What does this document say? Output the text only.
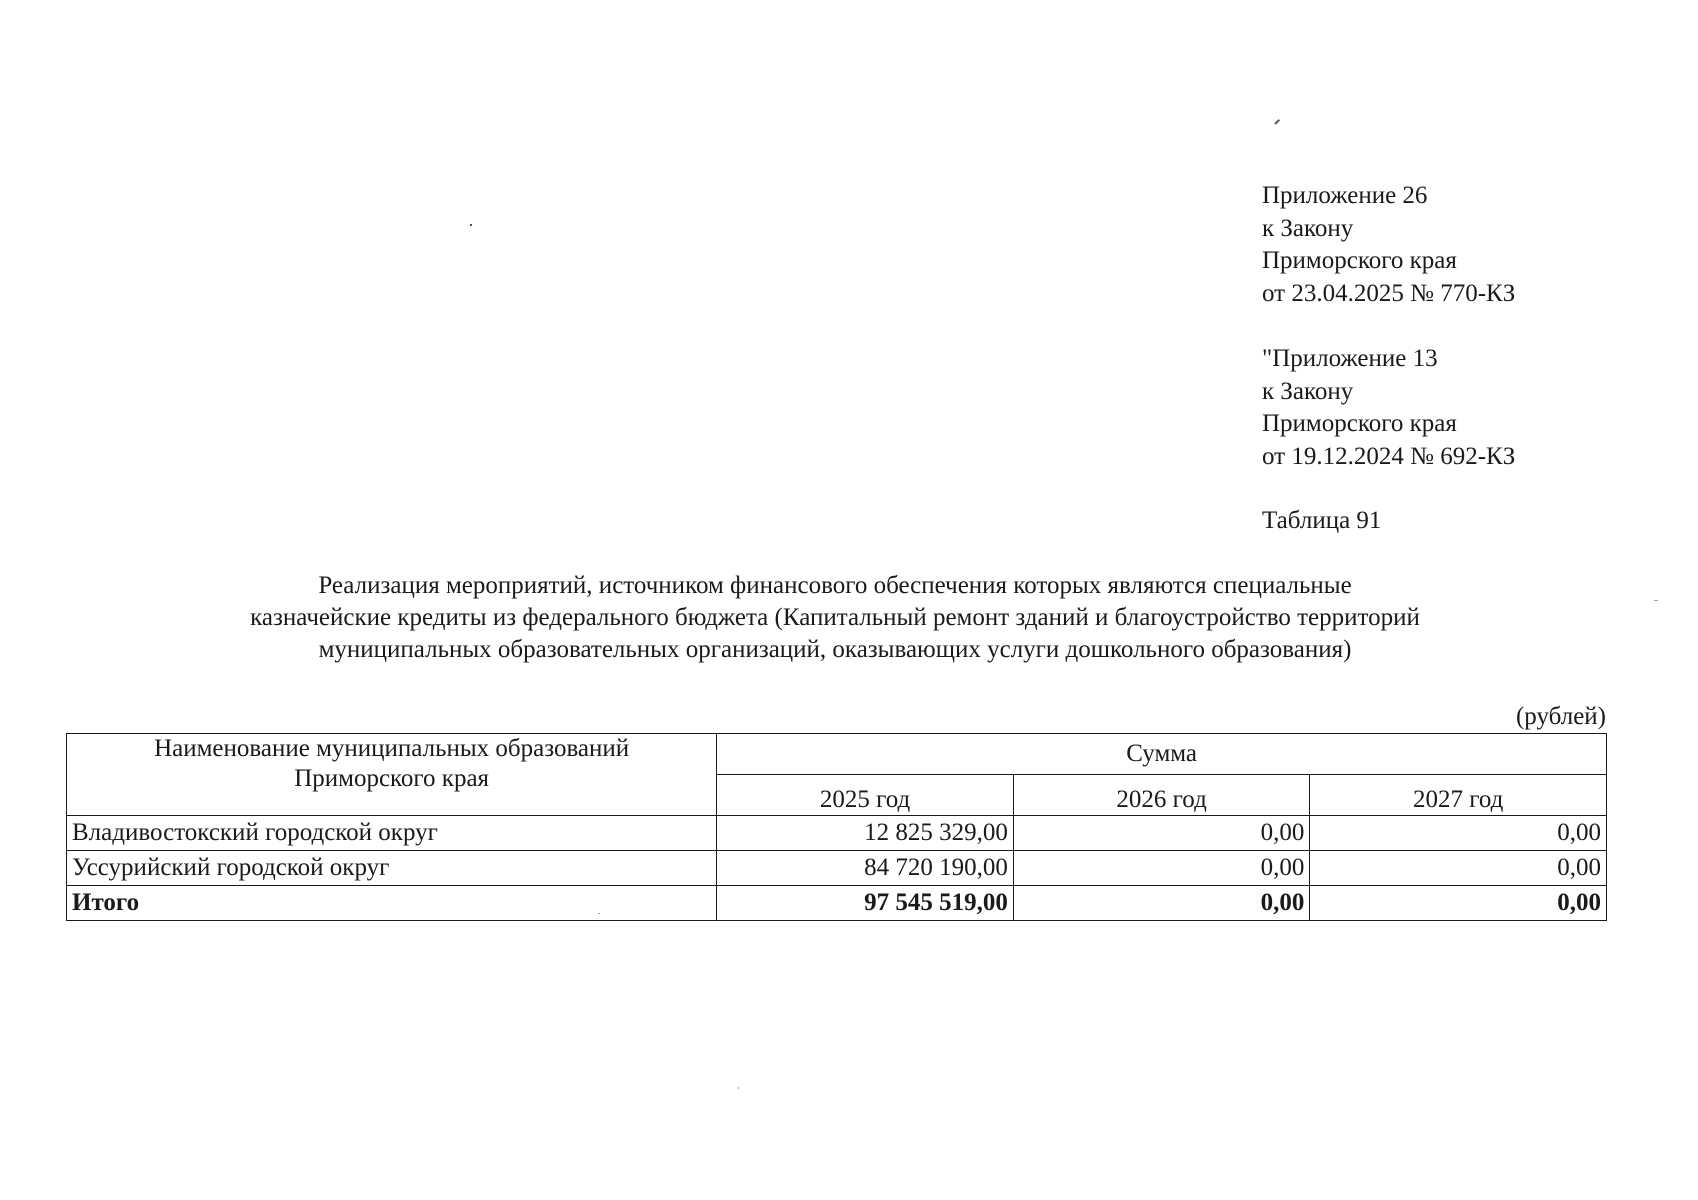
Приложение 26
к Закону
Приморского края
от 23.04.2025 № 770-КЗ
"Приложение 13
к Закону
Приморского края
от 19.12.2024 № 692-КЗ
Таблица 91
Реализация мероприятий, источником финансового обеспечения которых являются специальные
казначейские кредиты из федерального бюджета (Капитальный ремонт зданий и благоустройство территорий
муниципальных образовательных организаций, оказывающих услуги дошкольного образования)
(рублей)
Наименование муниципальных образований
Приморского края	Сумма		
	2025 год	2026 год	2027 год
Владивостокский городской округ	12 825 329,00	0,00	0,00
Уссурийский городской округ	84 720 190,00	0,00	0,00
Итого	97 545 519,00	0,00	0,00
